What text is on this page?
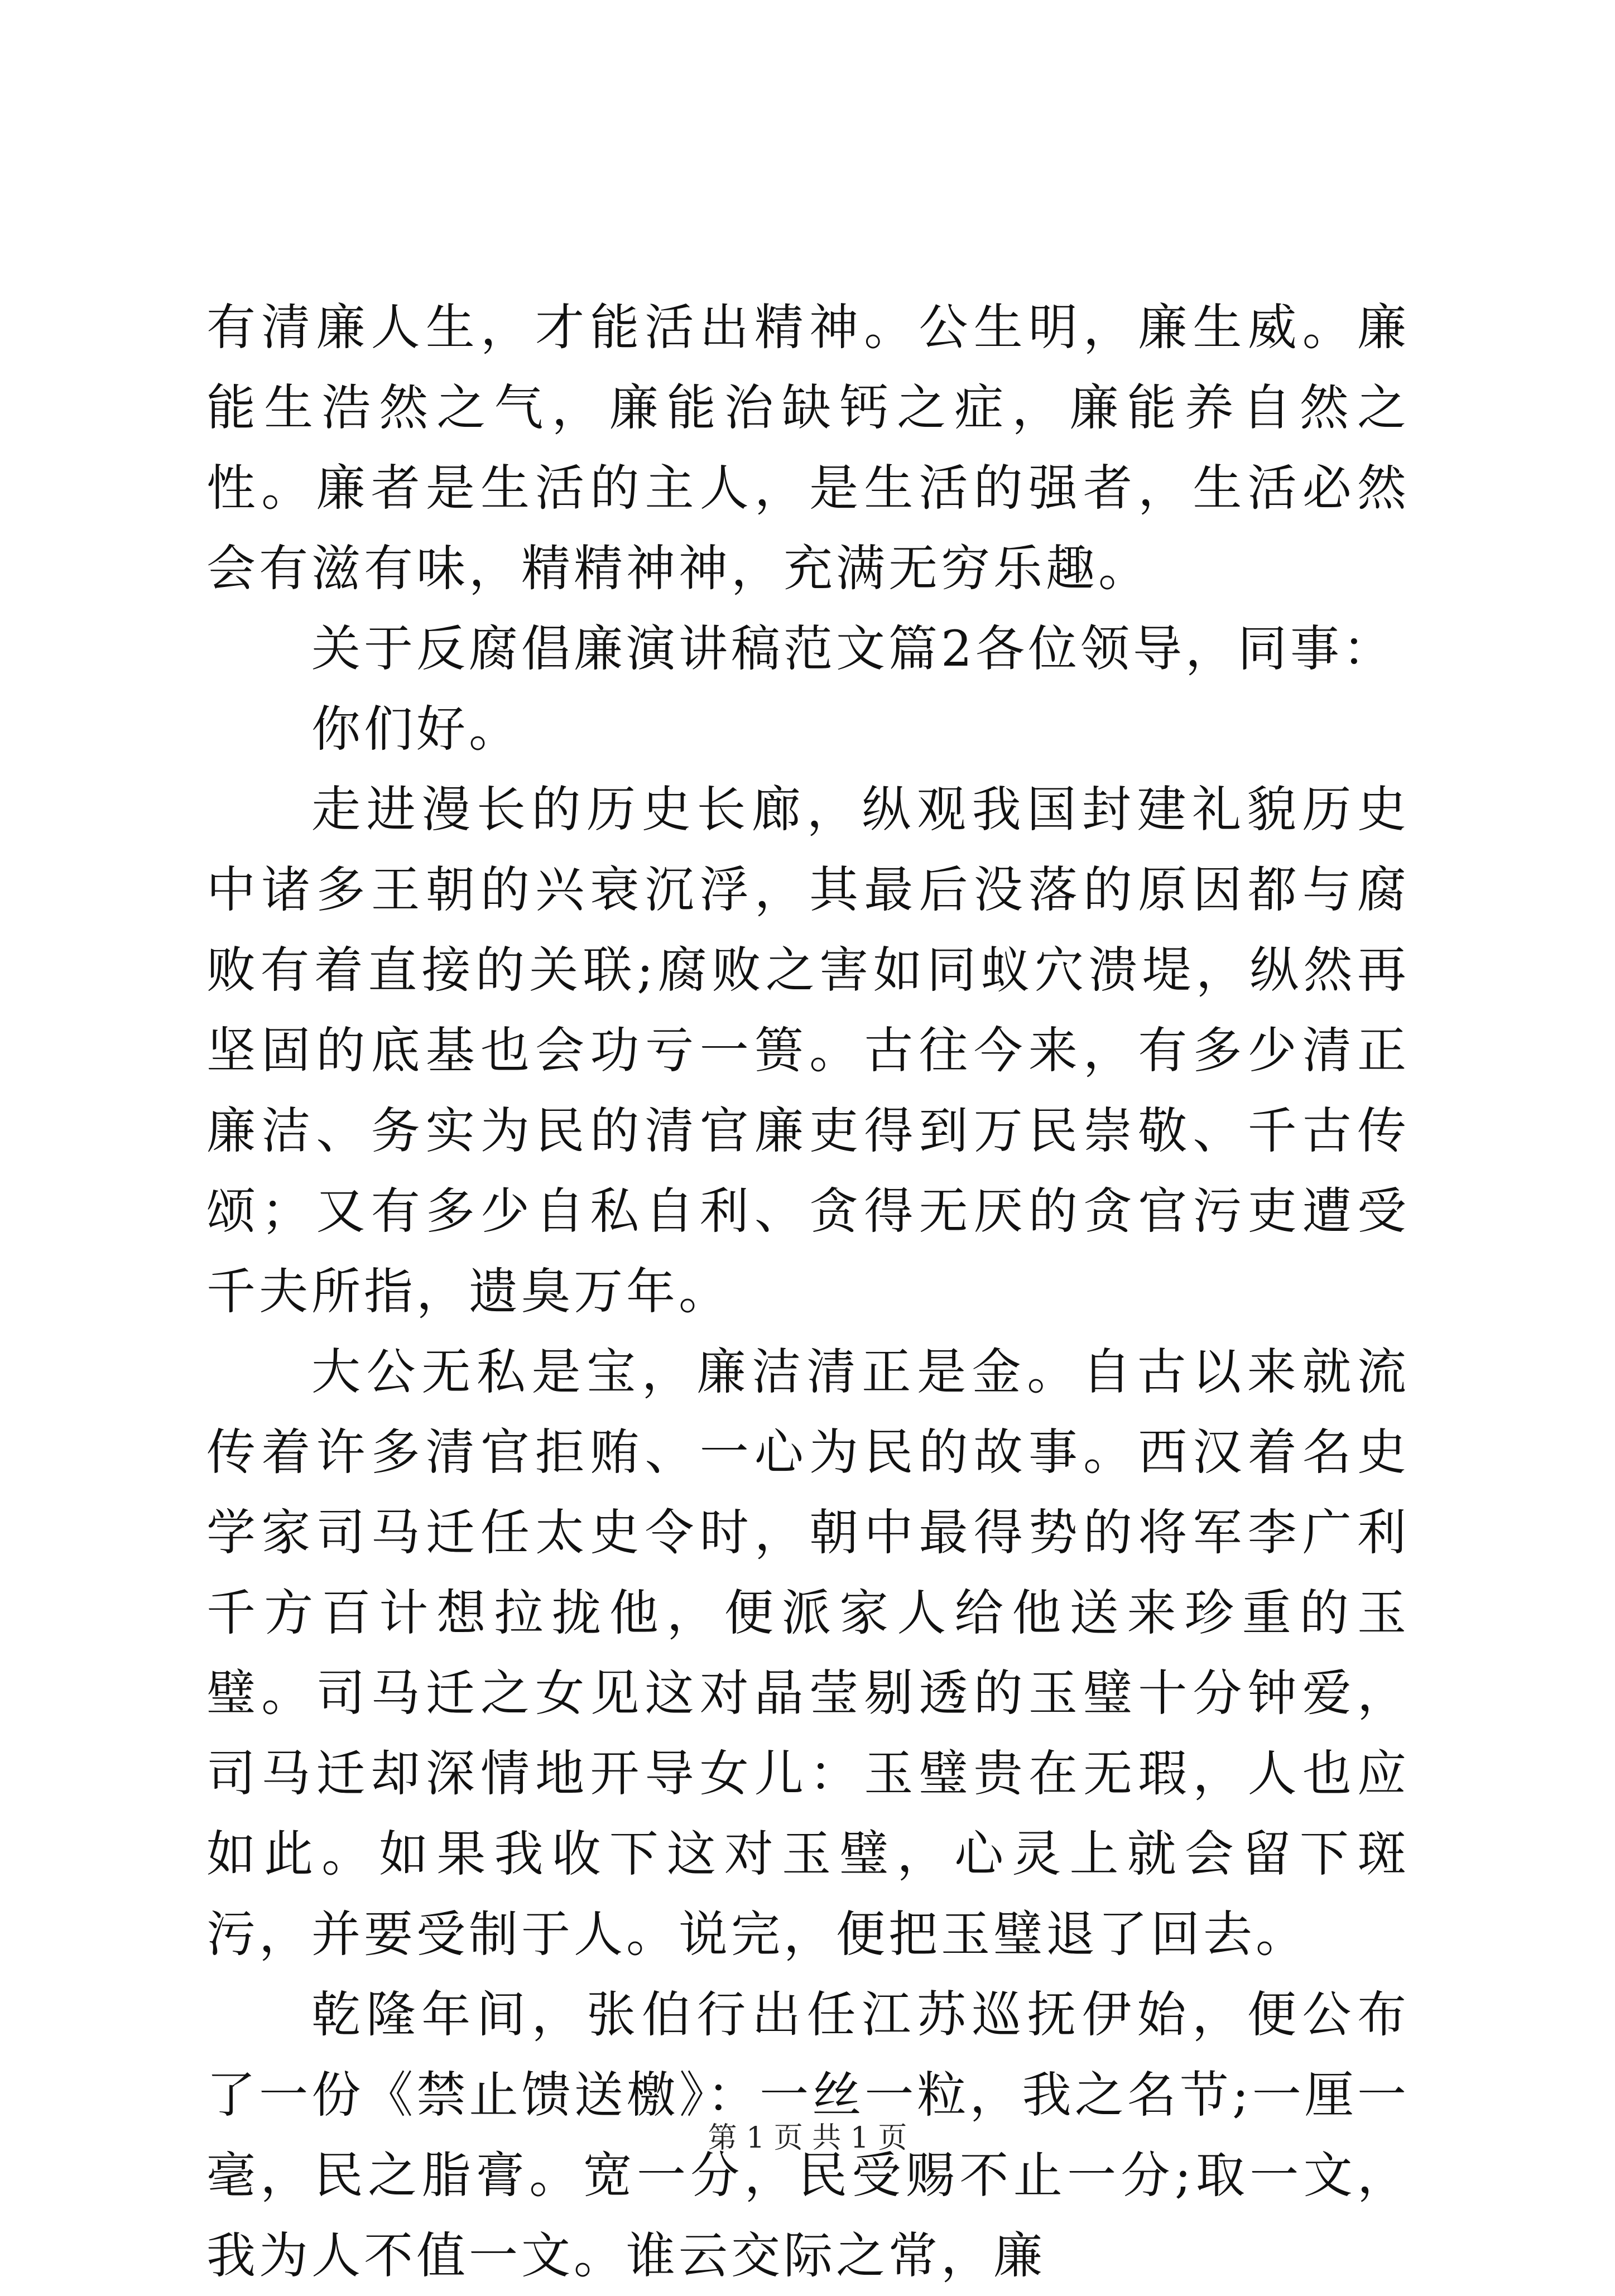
有清廉人生，才能活出精神。公生明，廉生威。廉能生浩然之气，廉能治缺钙之症，廉能养自然之性。廉者是生活的主人，是生活的强者，生活必然会有滋有味，精精神神，充满无穷乐趣。

关于反腐倡廉演讲稿范文篇2各位领导，同事：

你们好。

走进漫长的历史长廊，纵观我国封建礼貌历史中诸多王朝的兴衰沉浮，其最后没落的原因都与腐败有着直接的关联;腐败之害如同蚁穴溃堤，纵然再坚固的底基也会功亏一篑。古往今来，有多少清正廉洁、务实为民的清官廉吏得到万民崇敬、千古传颂；又有多少自私自利、贪得无厌的贪官污吏遭受千夫所指，遗臭万年。

大公无私是宝，廉洁清正是金。自古以来就流传着许多清官拒贿、一心为民的故事。西汉着名史学家司马迁任太史令时，朝中最得势的将军李广利千方百计想拉拢他，便派家人给他送来珍重的玉璧。司马迁之女见这对晶莹剔透的玉璧十分钟爱，司马迁却深情地开导女儿：玉璧贵在无瑕，人也应如此。如果我收下这对玉璧，心灵上就会留下斑污，并要受制于人。说完，便把玉璧退了回去。

乾隆年间，张伯行出任江苏巡抚伊始，便公布了一份《禁止馈送檄》：一丝一粒，我之名节;一厘一毫，民之脂膏。宽一分，民受赐不止一分;取一文，我为人不值一文。谁云交际之常，廉

第 1 页 共 1 页
